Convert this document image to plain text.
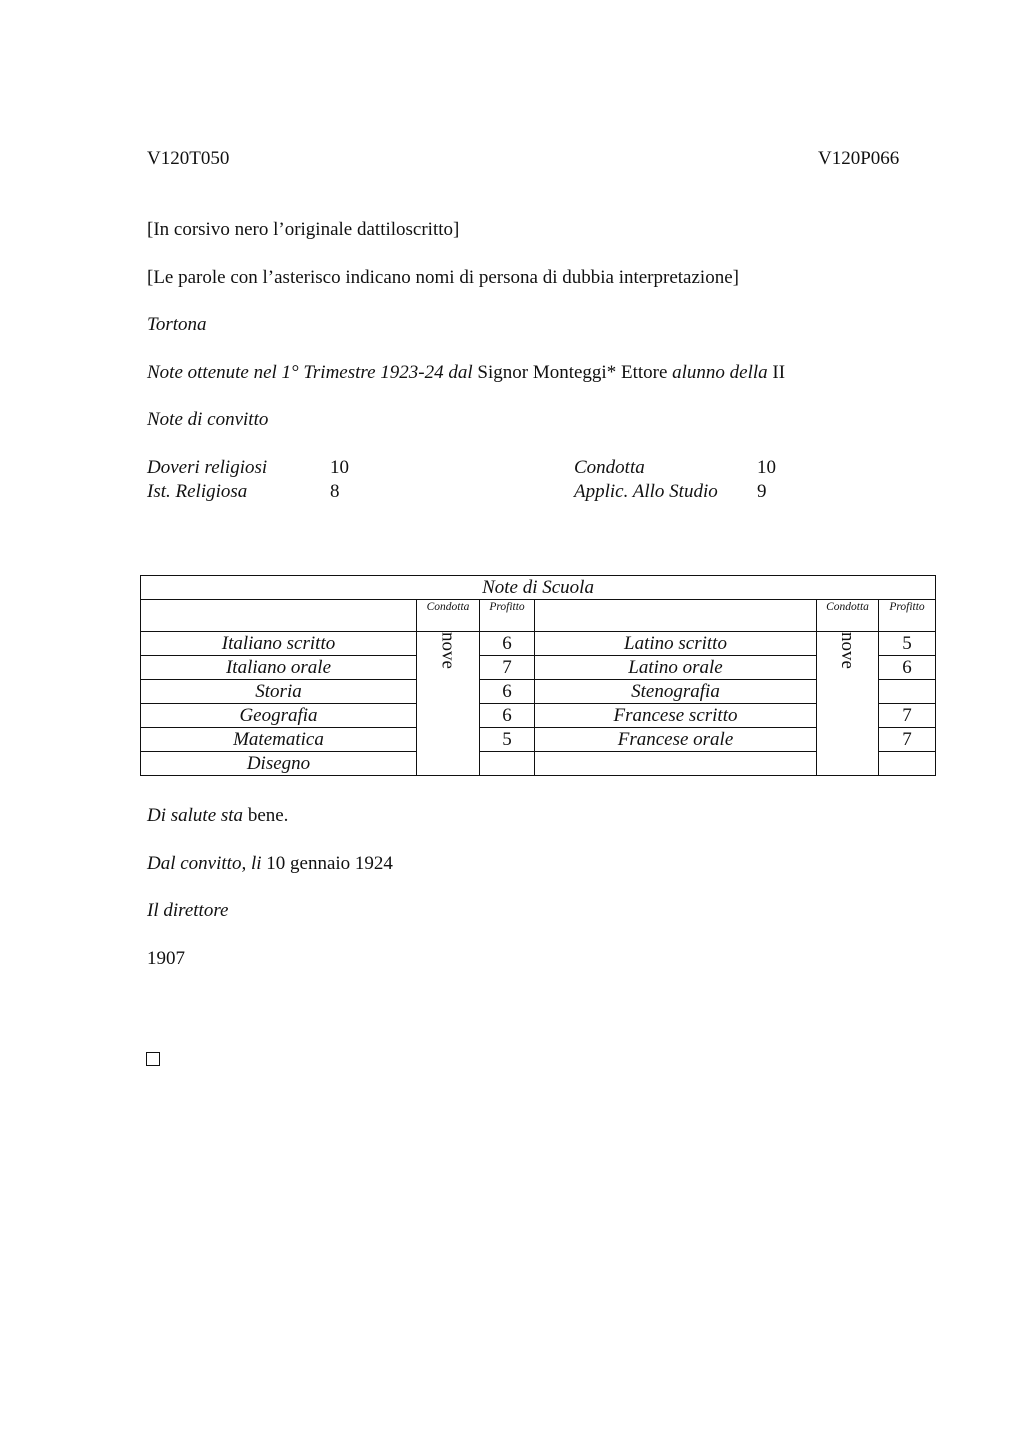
V120T050	V120P066
[In corsivo nero l’originale dattiloscritto]
[Le parole con l’asterisco indicano nomi di persona di dubbia interpretazione]
Tortona
Note ottenute nel 1° Trimestre 1923-24 dal Signor Monteggi* Ettore alunno della II
Note di convitto
Doveri religiosi	10
Ist. Religiosa	8
Condotta	10
Applic. Allo Studio 9
Note di Scuola					
	Condotta	Profitto		Condotta	Profitto
Italiano scritto	nove	6	Latino scritto	nove	5
Italiano orale		7	Latino orale		6
Storia		6	Stenografia		
Geografia		6	Francese scritto		7
Matematica		5	Francese orale		7
Disegno					
Di salute sta bene.
Dal convitto, li 10 gennaio 1924
Il direttore
1907
